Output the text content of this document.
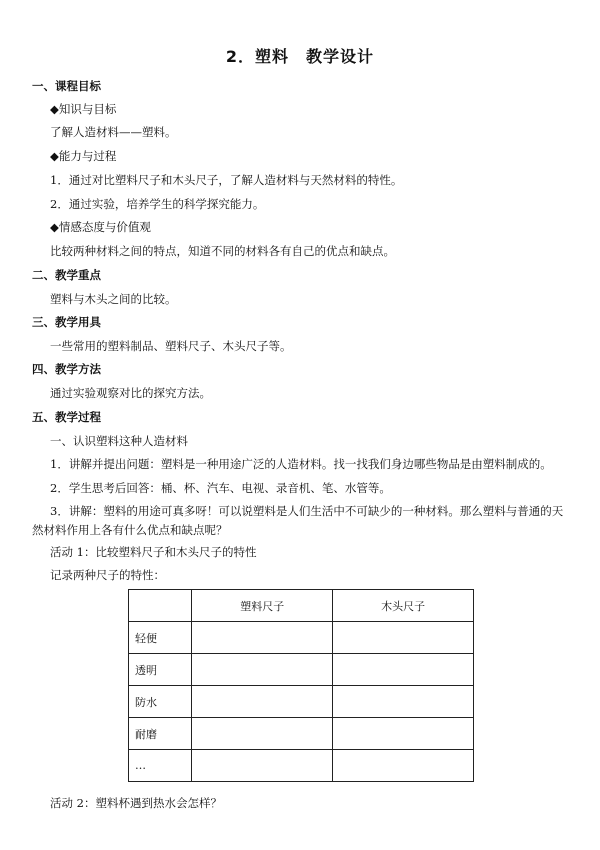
2．塑料　教学设计
一、课程目标
◆知识与目标
了解人造材料——塑料。
◆能力与过程
1．通过对比塑料尺子和木头尺子，了解人造材料与天然材料的特性。
2．通过实验，培养学生的科学探究能力。
◆情感态度与价值观
比较两种材料之间的特点，知道不同的材料各有自己的优点和缺点。
二、教学重点
塑料与木头之间的比较。
三、教学用具
一些常用的塑料制品、塑料尺子、木头尺子等。
四、教学方法
通过实验观察对比的探究方法。
五、教学过程
一、认识塑料这种人造材料
1．讲解并提出问题：塑料是一种用途广泛的人造材料。找一找我们身边哪些物品是由塑料制成的。
2．学生思考后回答：桶、杯、汽车、电视、录音机、笔、水管等。
3．讲解：塑料的用途可真多呀！可以说塑料是人们生活中不可缺少的一种材料。那么塑料与普通的天然材料作用上各有什么优点和缺点呢？
活动 1：比较塑料尺子和木头尺子的特性
记录两种尺子的特性：
	塑料尺子	木头尺子
轻便		
透明		
防水		
耐磨		
…		
活动 2：塑料杯遇到热水会怎样？
